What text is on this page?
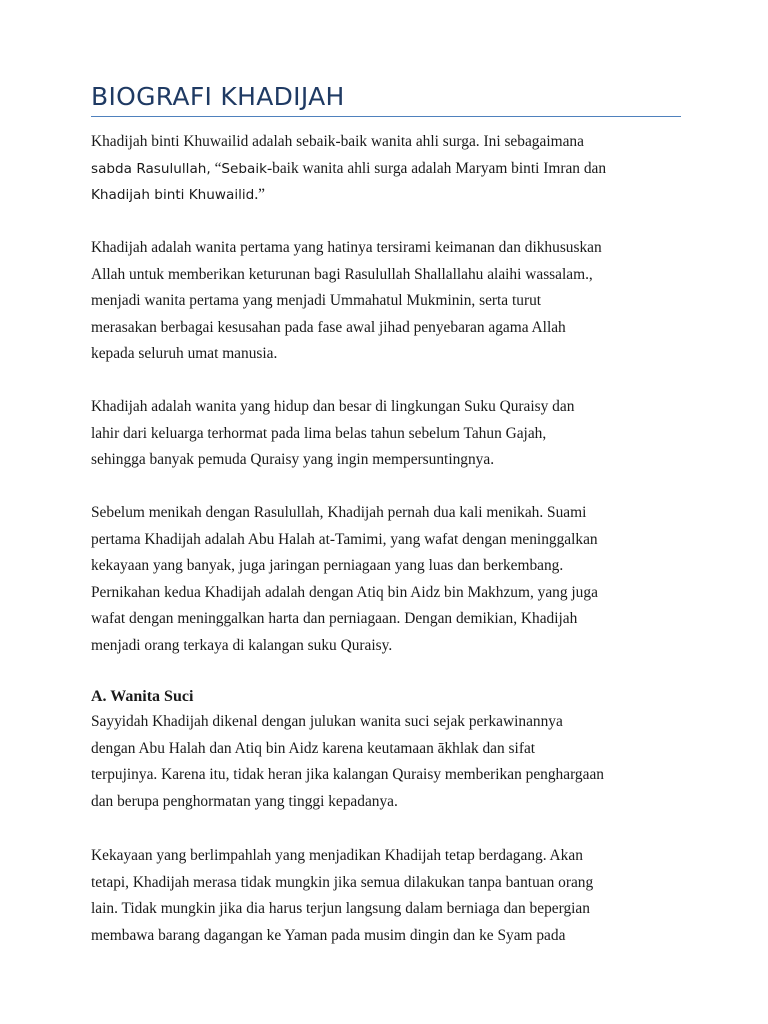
BIOGRAFI KHADIJAH

Khadijah binti Khuwailid adalah sebaik-baik wanita ahli surga. Ini sebagaimana
sabda Rasulullah, “Sebaik-baik wanita ahli surga adalah Maryam binti Imran dan
Khadijah binti Khuwailid.”

Khadijah adalah wanita pertama yang hatinya tersirami keimanan dan dikhususkan
Allah untuk memberikan keturunan bagi Rasulullah Shallallahu alaihi wassalam.,
menjadi wanita pertama yang menjadi Ummahatul Mukminin, serta turut
merasakan berbagai kesusahan pada fase awal jihad penyebaran agama Allah
kepada seluruh umat manusia.

Khadijah adalah wanita yang hidup dan besar di lingkungan Suku Quraisy dan
lahir dari keluarga terhormat pada lima belas tahun sebelum Tahun Gajah,
sehingga banyak pemuda Quraisy yang ingin mempersuntingnya.

Sebelum menikah dengan Rasulullah, Khadijah pernah dua kali menikah. Suami
pertama Khadijah adalah Abu Halah at-Tamimi, yang wafat dengan meninggalkan
kekayaan yang banyak, juga jaringan perniagaan yang luas dan berkembang.
Pernikahan kedua Khadijah adalah dengan Atiq bin Aidz bin Makhzum, yang juga
wafat dengan meninggalkan harta dan perniagaan. Dengan demikian, Khadijah
menjadi orang terkaya di kalangan suku Quraisy.

A. Wanita Suci

Sayyidah Khadijah dikenal dengan julukan wanita suci sejak perkawinannya
dengan Abu Halah dan Atiq bin Aidz karena keutamaan ākhlak dan sifat
terpujinya. Karena itu, tidak heran jika kalangan Quraisy memberikan penghargaan
dan berupa penghormatan yang tinggi kepadanya.

Kekayaan yang berlimpahlah yang menjadikan Khadijah tetap berdagang. Akan
tetapi, Khadijah merasa tidak mungkin jika semua dilakukan tanpa bantuan orang
lain. Tidak mungkin jika dia harus terjun langsung dalam berniaga dan bepergian
membawa barang dagangan ke Yaman pada musim dingin dan ke Syam pada
